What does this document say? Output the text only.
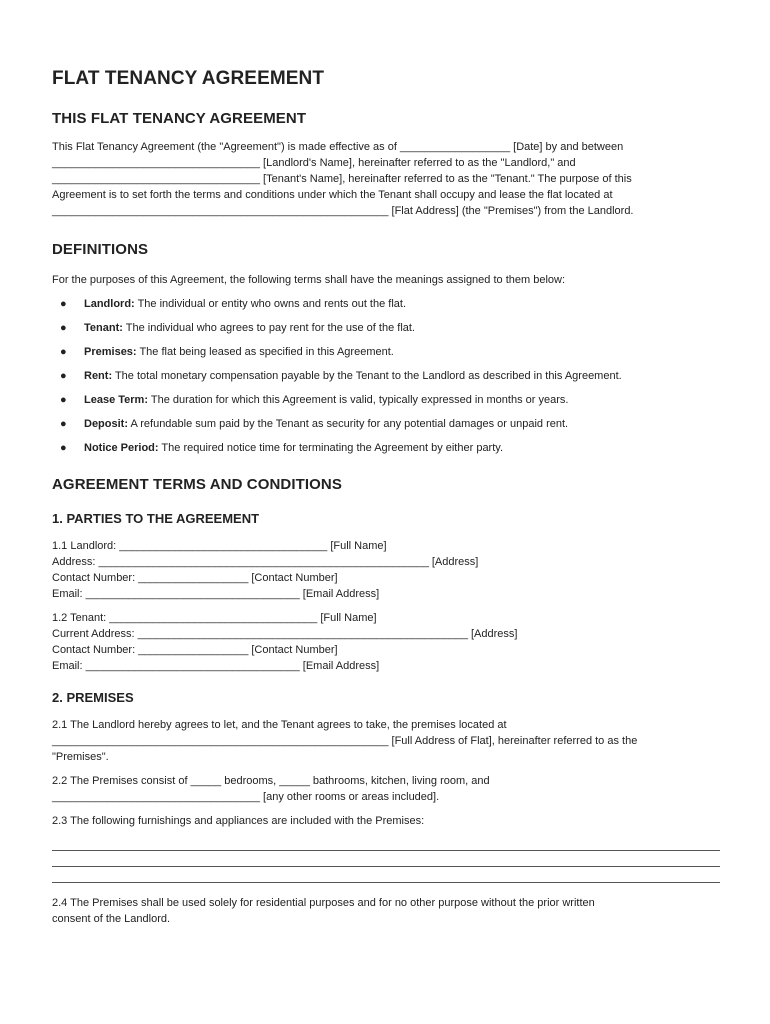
FLAT TENANCY AGREEMENT
THIS FLAT TENANCY AGREEMENT

This Flat Tenancy Agreement (the "Agreement") is made effective as of __________________ [Date] by and between

__________________________________ [Landlord's Name], hereinafter referred to as the "Landlord," and

__________________________________ [Tenant's Name], hereinafter referred to as the "Tenant." The purpose of this

Agreement is to set forth the terms and conditions under which the Tenant shall occupy and lease the flat located at

_______________________________________________________ [Flat Address] (the "Premises") from the Landlord.

DEFINITIONS

For the purposes of this Agreement, the following terms shall have the meanings assigned to them below:

● Landlord: The individual or entity who owns and rents out the flat.
● Tenant: The individual who agrees to pay rent for the use of the flat.
● Premises: The flat being leased as specified in this Agreement.
● Rent: The total monetary compensation payable by the Tenant to the Landlord as described in this Agreement.
● Lease Term: The duration for which this Agreement is valid, typically expressed in months or years.
● Deposit: A refundable sum paid by the Tenant as security for any potential damages or unpaid rent.
● Notice Period: The required notice time for terminating the Agreement by either party.
AGREEMENT TERMS AND CONDITIONS
1. PARTIES TO THE AGREEMENT

1.1 Landlord: __________________________________ [Full Name]

Address: ______________________________________________________ [Address]

Contact Number: __________________ [Contact Number]

Email: ___________________________________ [Email Address]

1.2 Tenant: __________________________________ [Full Name]

Current Address: ______________________________________________________ [Address]

Contact Number: __________________ [Contact Number]

Email: ___________________________________ [Email Address]

2. PREMISES

2.1 The Landlord hereby agrees to let, and the Tenant agrees to take, the premises located at

_______________________________________________________ [Full Address of Flat], hereinafter referred to as the

"Premises".

2.2 The Premises consist of _____ bedrooms, _____ bathrooms, kitchen, living room, and

__________________________________ [any other rooms or areas included].

2.3 The following furnishings and appliances are included with the Premises:

2.4 The Premises shall be used solely for residential purposes and for no other purpose without the prior written

consent of the Landlord.
